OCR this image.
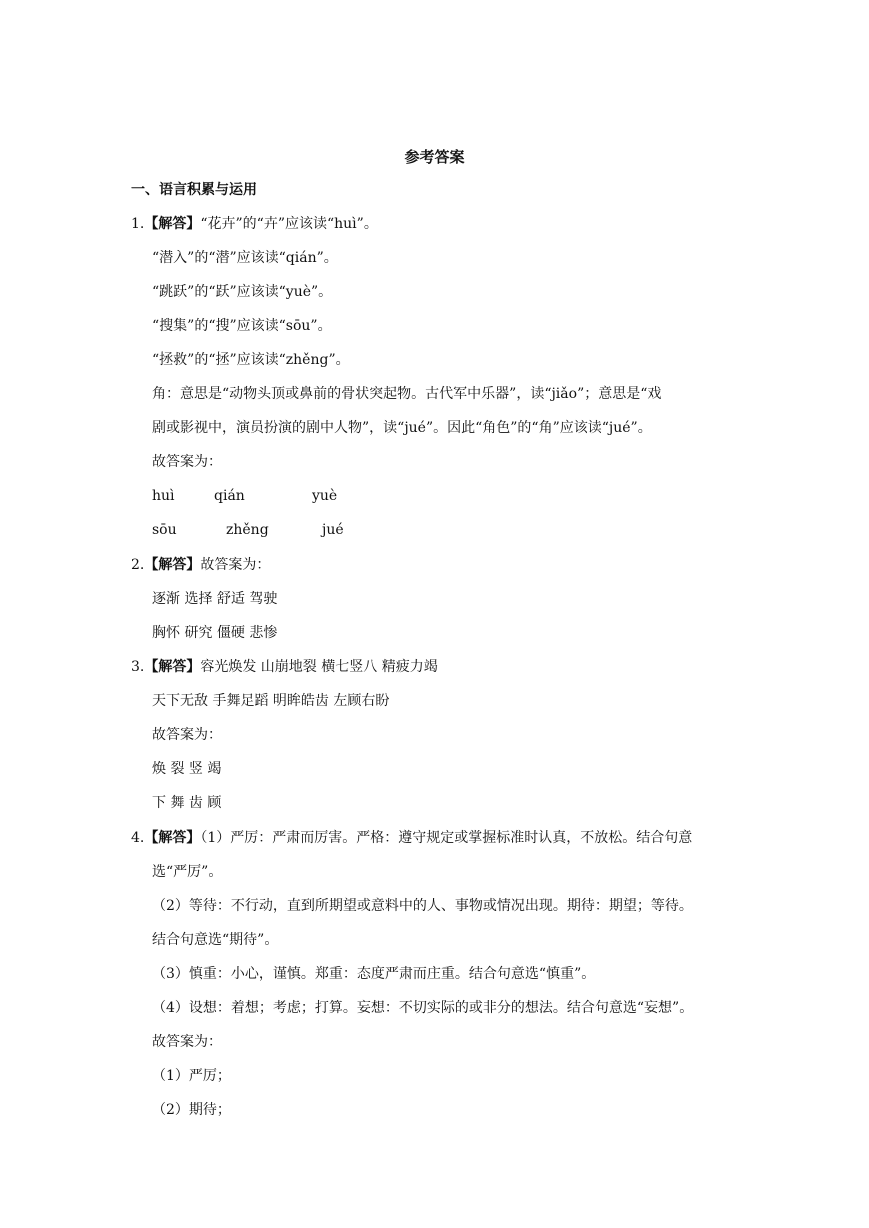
参考答案
一、语言积累与运用
1.【解答】“花卉”的“卉”应该读“huì”。
“潜入”的“潜”应该读“qián”。
“跳跃”的“跃”应该读“yuè”。
“搜集”的“搜”应该读“sōu”。
“拯救”的“拯”应该读“zhěng”。
角：意思是“动物头顶或鼻前的骨状突起物。古代军中乐器”，读“jiǎo”；意思是“戏
剧或影视中，演员扮演的剧中人物”，读“jué”。因此“角色”的“角”应该读“jué”。
故答案为：
huì	qián	yuè
sōu	zhěng	jué
2.【解答】故答案为：
逐渐 选择 舒适 驾驶
胸怀 研究 僵硬 悲惨
3.【解答】容光焕发 山崩地裂 横七竖八 精疲力竭
天下无敌 手舞足蹈 明眸皓齿 左顾右盼
故答案为：
焕 裂 竖 竭
下 舞 齿 顾
4.【解答】（1）严厉：严肃而厉害。严格：遵守规定或掌握标准时认真，不放松。结合句意
选“严厉”。
（2）等待：不行动，直到所期望或意料中的人、事物或情况出现。期待：期望；等待。
结合句意选“期待”。
（3）慎重：小心，谨慎。郑重：态度严肃而庄重。结合句意选“慎重”。
（4）设想：着想；考虑；打算。妄想：不切实际的或非分的想法。结合句意选“妄想”。
故答案为：
（1）严厉；
（2）期待；
